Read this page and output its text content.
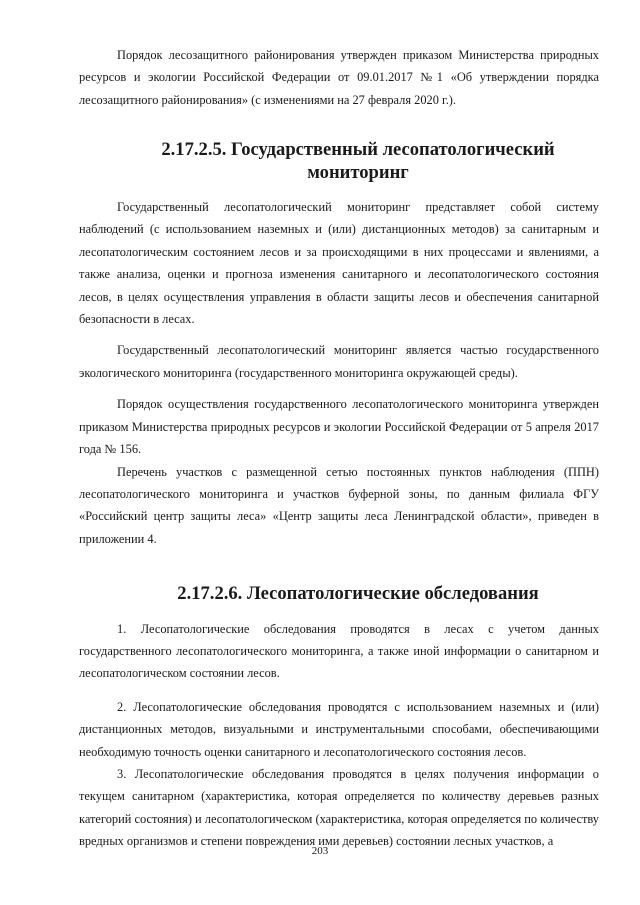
Порядок лесозащитного районирования утвержден приказом Министерства природных ресурсов и экологии Российской Федерации от 09.01.2017 №1 «Об утверждении порядка лесозащитного районирования» (с изменениями на 27 февраля 2020 г.).

2.17.2.5. Государственный лесопатологический мониторинг

Государственный лесопатологический мониторинг представляет собой систему наблюдений (с использованием наземных и (или) дистанционных методов) за санитарным и лесопатологическим состоянием лесов и за происходящими в них процессами и явлениями, а также анализа, оценки и прогноза изменения санитарного и лесопатологического состояния лесов, в целях осуществления управления в области защиты лесов и обеспечения санитарной безопасности в лесах.

Государственный лесопатологический мониторинг является частью государственного экологического мониторинга (государственного мониторинга окружающей среды).

Порядок осуществления государственного лесопатологического мониторинга утвержден приказом Министерства природных ресурсов и экологии Российской Федерации от 5 апреля 2017 года № 156.

Перечень участков с размещенной сетью постоянных пунктов наблюдения (ППН) лесопатологического мониторинга и участков буферной зоны, по данным филиала ФГУ «Российский центр защиты леса» «Центр защиты леса Ленинградской области», приведен в приложении 4.

2.17.2.6. Лесопатологические обследования

1. Лесопатологические обследования проводятся в лесах с учетом данных государственного лесопатологического мониторинга, а также иной информации о санитарном и лесопатологическом состоянии лесов.

2. Лесопатологические обследования проводятся с использованием наземных и (или) дистанционных методов, визуальными и инструментальными способами, обеспечивающими необходимую точность оценки санитарного и лесопатологического состояния лесов.

3. Лесопатологические обследования проводятся в целях получения информации о текущем санитарном (характеристика, которая определяется по количеству деревьев разных категорий состояния) и лесопатологическом (характеристика, которая определяется по количеству вредных организмов и степени повреждения ими деревьев) состоянии лесных участков, а

203
